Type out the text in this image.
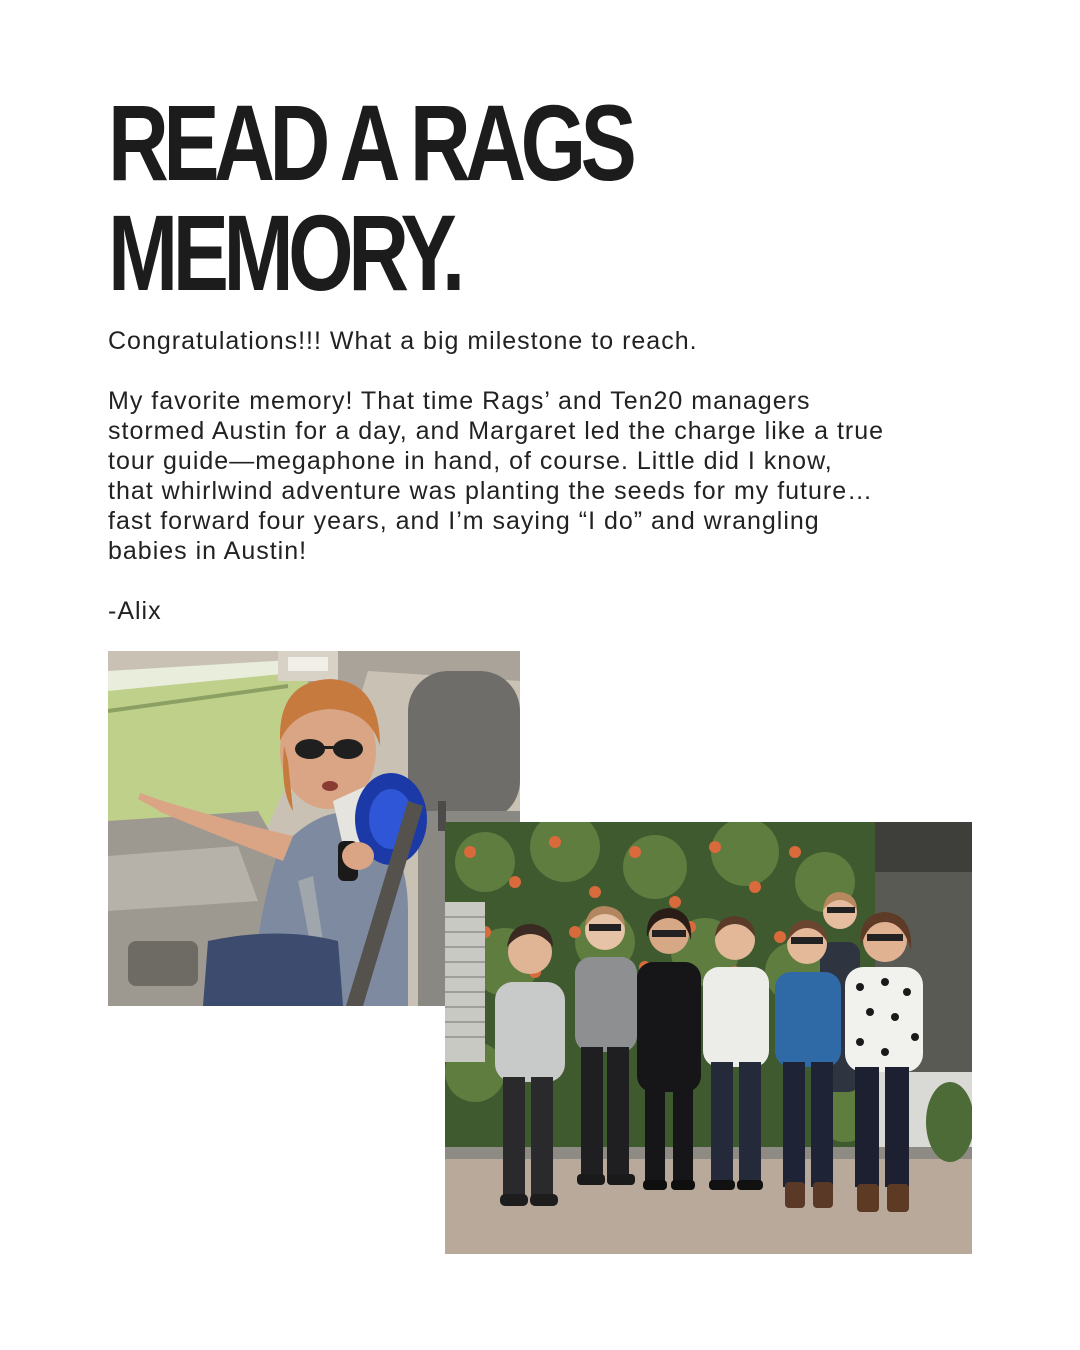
READ A RAGS
MEMORY.

Congratulations!!! What a big milestone to reach.

My favorite memory! That time Rags’ and Ten20 managers
stormed Austin for a day, and Margaret led the charge like a true
tour guide—megaphone in hand, of course. Little did I know,
that whirlwind adventure was planting the seeds for my future…
fast forward four years, and I’m saying “I do” and wrangling
babies in Austin!

-Alix
